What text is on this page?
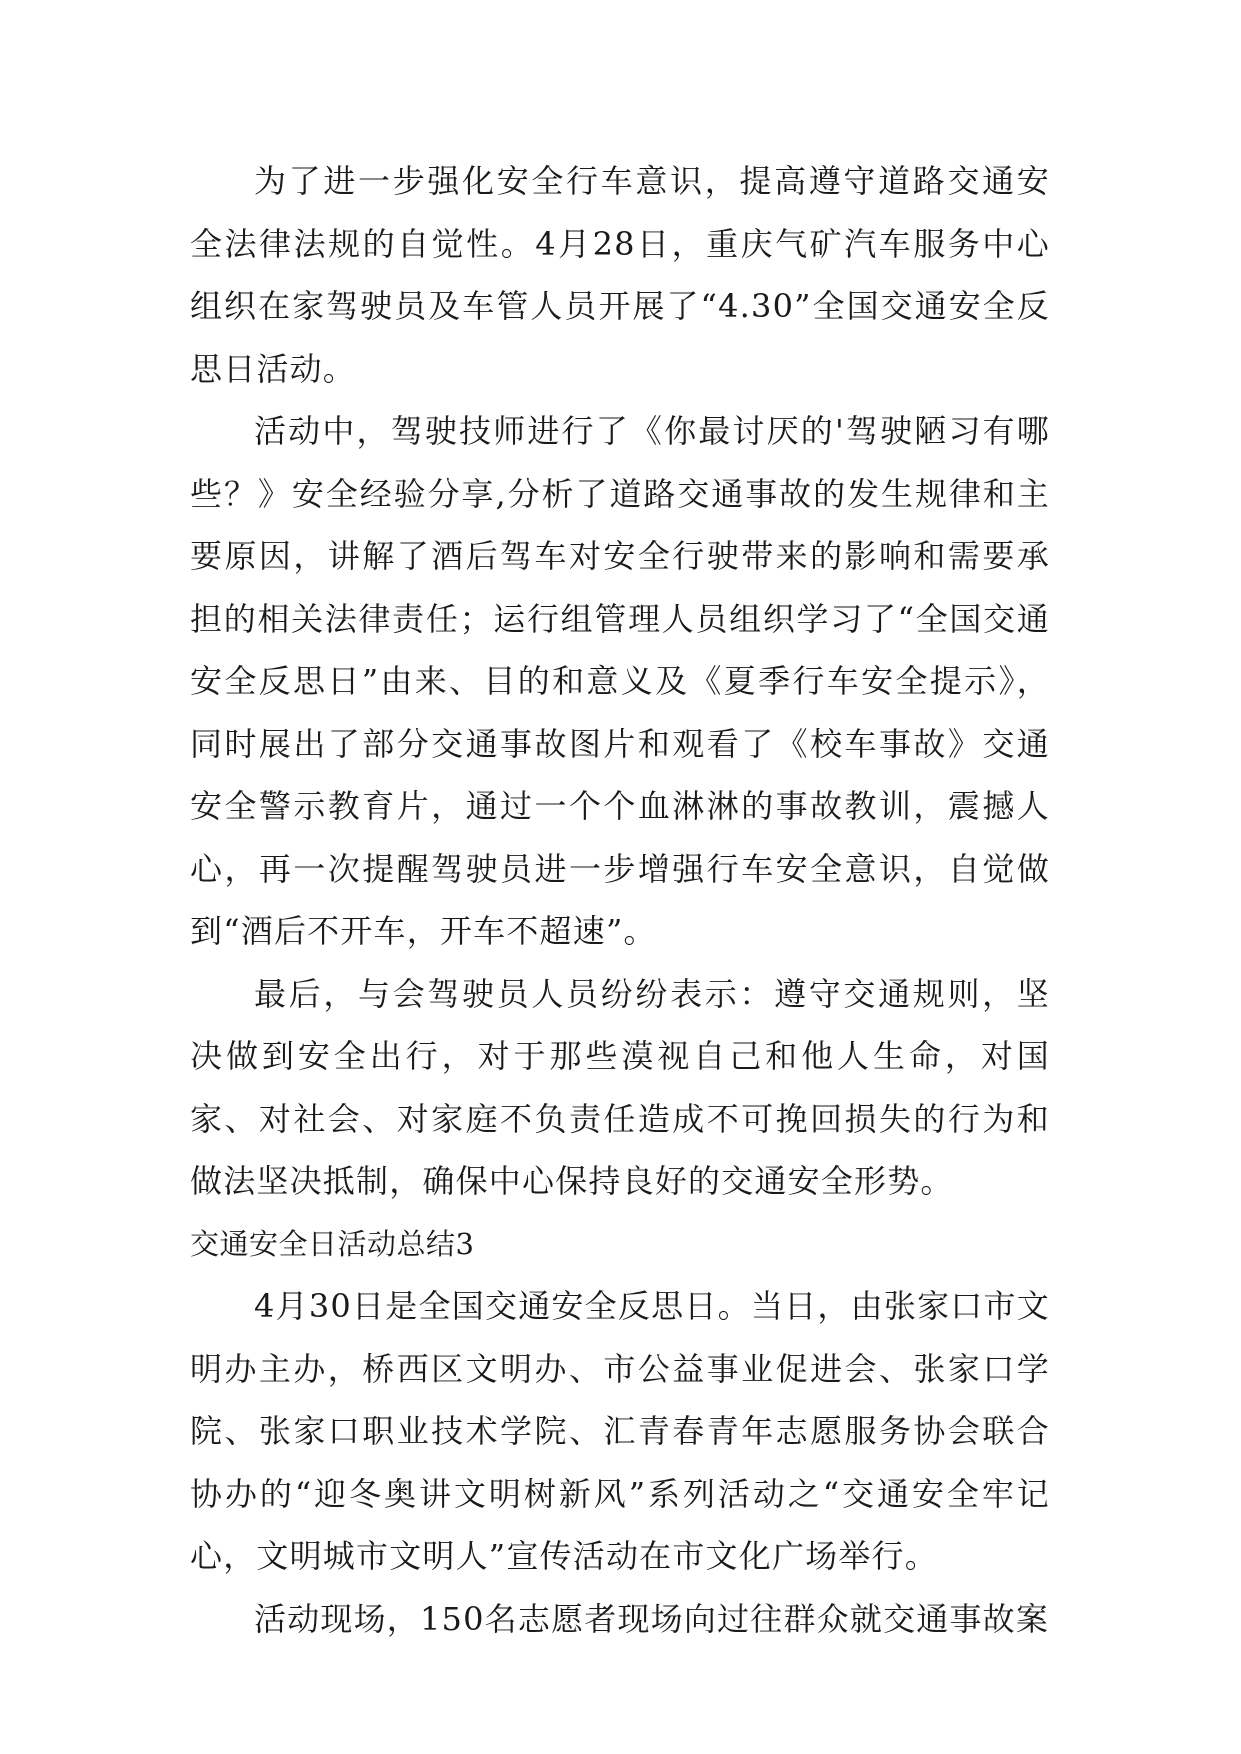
为了进一步强化安全行车意识，提高遵守道路交通安全法律法规的自觉性。4月28日，重庆气矿汽车服务中心组织在家驾驶员及车管人员开展了“4.30”全国交通安全反思日活动。

活动中，驾驶技师进行了《你最讨厌的'驾驶陋习有哪些？》安全经验分享,分析了道路交通事故的发生规律和主要原因，讲解了酒后驾车对安全行驶带来的影响和需要承担的相关法律责任；运行组管理人员组织学习了“全国交通安全反思日”由来、目的和意义及《夏季行车安全提示》，同时展出了部分交通事故图片和观看了《校车事故》交通安全警示教育片，通过一个个血淋淋的事故教训，震撼人心，再一次提醒驾驶员进一步增强行车安全意识，自觉做到“酒后不开车，开车不超速”。

最后，与会驾驶员人员纷纷表示：遵守交通规则，坚决做到安全出行，对于那些漠视自己和他人生命，对国家、对社会、对家庭不负责任造成不可挽回损失的行为和做法坚决抵制，确保中心保持良好的交通安全形势。

交通安全日活动总结3

4月30日是全国交通安全反思日。当日，由张家口市文明办主办，桥西区文明办、市公益事业促进会、张家口学院、张家口职业技术学院、汇青春青年志愿服务协会联合协办的“迎冬奥讲文明树新风”系列活动之“交通安全牢记心，文明城市文明人”宣传活动在市文化广场举行。

活动现场，150名志愿者现场向过往群众就交通事故案
